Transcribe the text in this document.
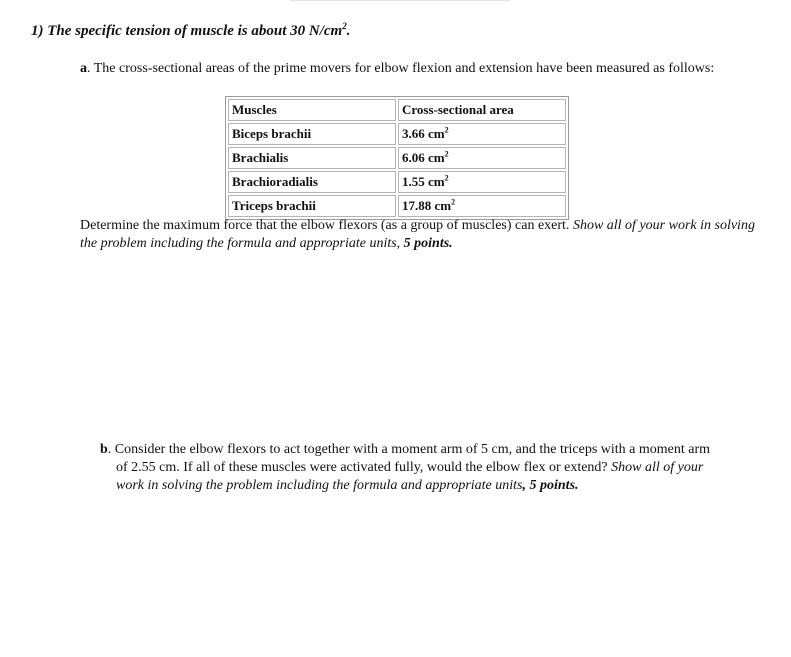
1) The specific tension of muscle is about 30 $N/cm^2$.
a. The cross-sectional areas of the prime movers for elbow flexion and extension have been measured as follows:
Muscles	Cross-sectional area
Biceps brachii	3.66 $cm^2$
Brachialis	6.06 $cm^2$
Brachioradialis	1.55 $cm^2$
Triceps brachii	17.88 $cm^2$
Determine the maximum force that the elbow flexors (as a group of muscles) can exert. Show all of your work in solving the problem including the formula and appropriate units, 5 points.
b. Consider the elbow flexors to act together with a moment arm of 5 cm, and the triceps with a moment arm
of 2.55 cm. If all of these muscles were activated fully, would the elbow flex or extend? Show all of your
work in solving the problem including the formula and appropriate units, 5 points.
